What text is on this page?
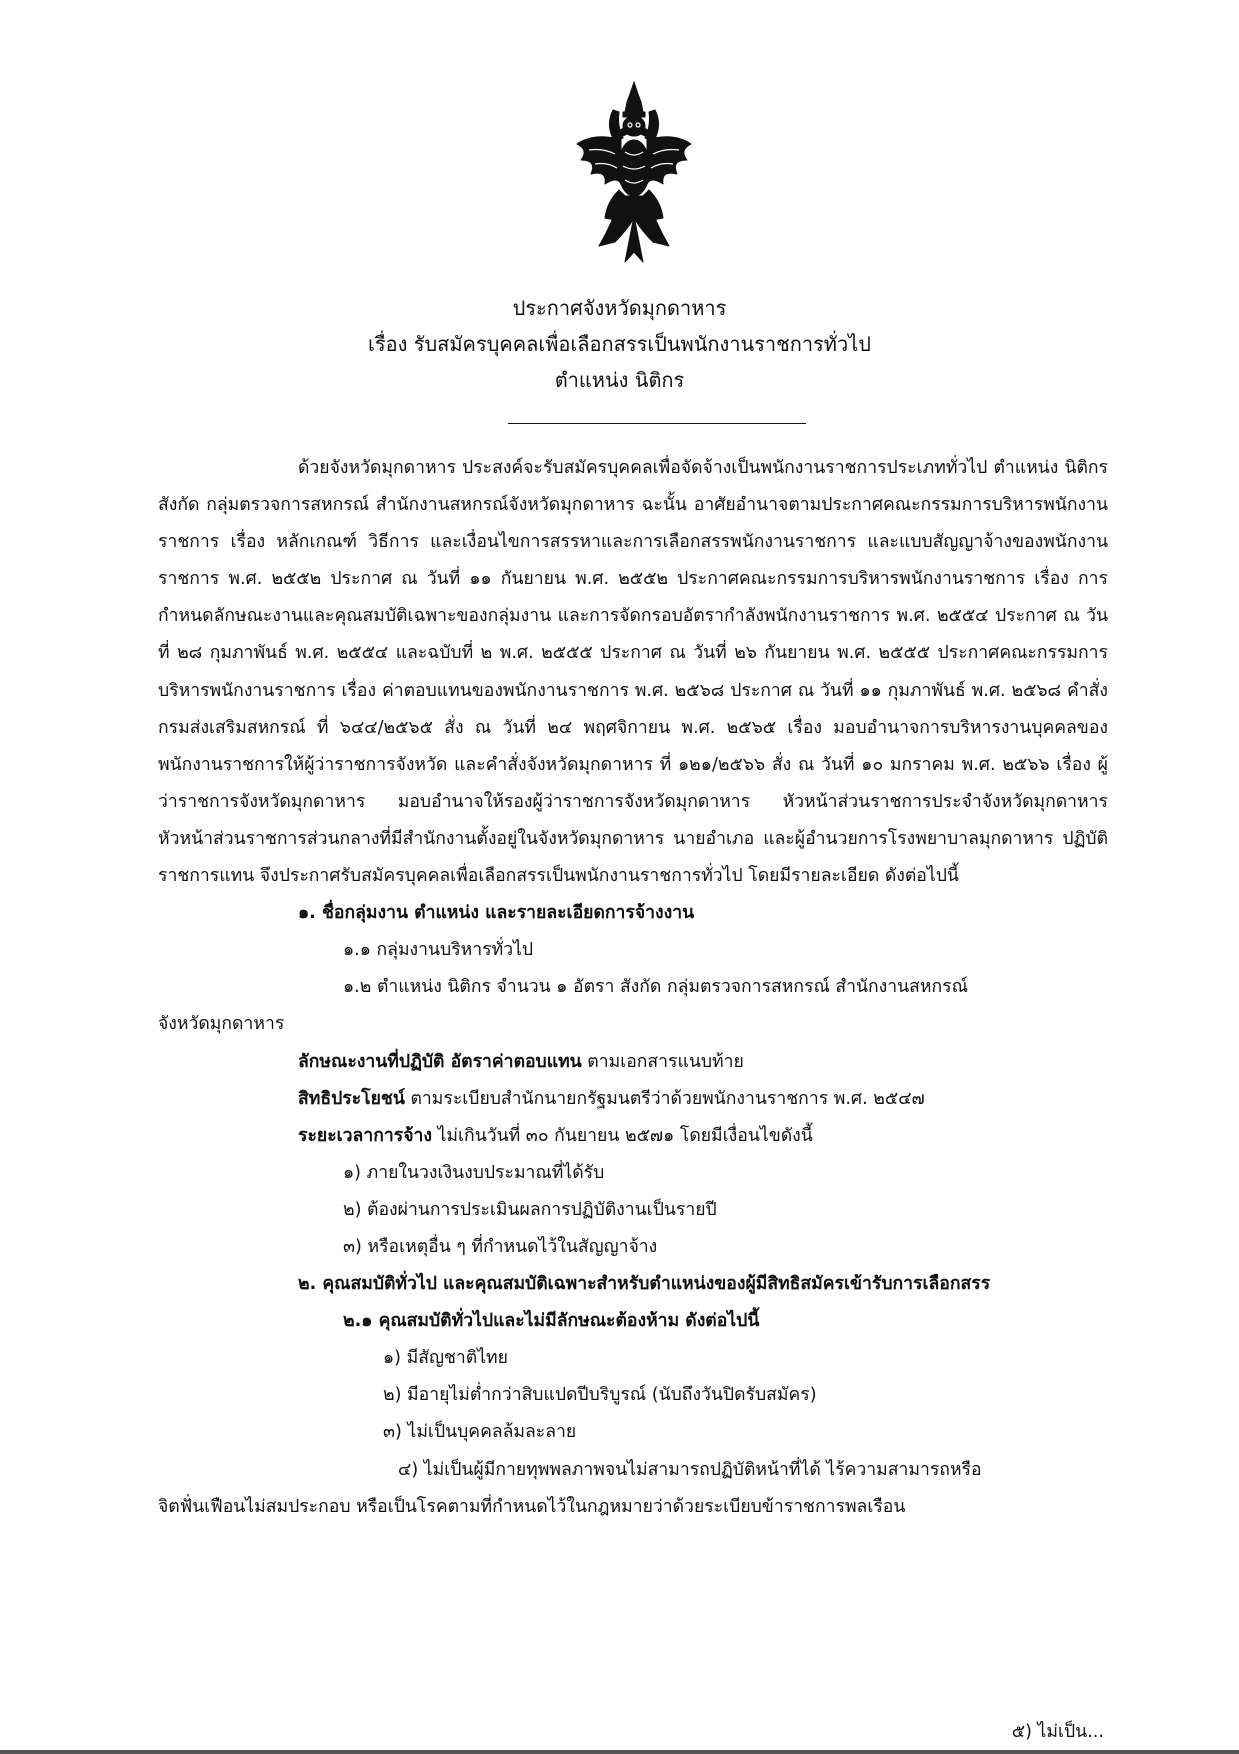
ประกาศจังหวัดมุกดาหาร
เรื่อง รับสมัครบุคคลเพื่อเลือกสรรเป็นพนักงานราชการทั่วไป
ตำแหน่ง นิติกร

ด้วยจังหวัดมุกดาหาร ประสงค์จะรับสมัครบุคคลเพื่อจัดจ้างเป็นพนักงานราชการประเภททั่วไป ตำแหน่ง นิติกร สังกัด กลุ่มตรวจการสหกรณ์ สำนักงานสหกรณ์จังหวัดมุกดาหาร ฉะนั้น อาศัยอำนาจตามประกาศคณะกรรมการบริหารพนักงานราชการ เรื่อง หลักเกณฑ์ วิธีการ และเงื่อนไขการสรรหาและการเลือกสรรพนักงานราชการ และแบบสัญญาจ้างของพนักงานราชการ พ.ศ. ๒๕๕๒ ประกาศ ณ วันที่ ๑๑ กันยายน พ.ศ. ๒๕๕๒ ประกาศคณะกรรมการบริหารพนักงานราชการ เรื่อง การกำหนดลักษณะงานและคุณสมบัติเฉพาะของกลุ่มงาน และการจัดกรอบอัตรากำลังพนักงานราชการ พ.ศ. ๒๕๕๔ ประกาศ ณ วันที่ ๒๘ กุมภาพันธ์ พ.ศ. ๒๕๕๔ และฉบับที่ ๒ พ.ศ. ๒๕๕๕ ประกาศ ณ วันที่ ๒๖ กันยายน พ.ศ. ๒๕๕๕ ประกาศคณะกรรมการบริหารพนักงานราชการ เรื่อง ค่าตอบแทนของพนักงานราชการ พ.ศ. ๒๕๖๘ ประกาศ ณ วันที่ ๑๑ กุมภาพันธ์ พ.ศ. ๒๕๖๘ คำสั่งกรมส่งเสริมสหกรณ์ ที่ ๖๔๔/๒๕๖๕ สั่ง ณ วันที่ ๒๔ พฤศจิกายน พ.ศ. ๒๕๖๕ เรื่อง มอบอำนาจการบริหารงานบุคคลของพนักงานราชการให้ผู้ว่าราชการจังหวัด และคำสั่งจังหวัดมุกดาหาร ที่ ๑๒๑/๒๕๖๖ สั่ง ณ วันที่ ๑๐ มกราคม พ.ศ. ๒๕๖๖ เรื่อง ผู้ว่าราชการจังหวัดมุกดาหาร มอบอำนาจให้รองผู้ว่าราชการจังหวัดมุกดาหาร หัวหน้าส่วนราชการประจำจังหวัดมุกดาหาร หัวหน้าส่วนราชการส่วนกลางที่มีสำนักงานตั้งอยู่ในจังหวัดมุกดาหาร นายอำเภอ และผู้อำนวยการโรงพยาบาลมุกดาหาร ปฏิบัติราชการแทน จึงประกาศรับสมัครบุคคลเพื่อเลือกสรรเป็นพนักงานราชการทั่วไป โดยมีรายละเอียด ดังต่อไปนี้

๑. ชื่อกลุ่มงาน ตำแหน่ง และรายละเอียดการจ้างงาน

๑.๑ กลุ่มงานบริหารทั่วไป

๑.๒ ตำแหน่ง นิติกร จำนวน ๑ อัตรา สังกัด กลุ่มตรวจการสหกรณ์ สำนักงานสหกรณ์

จังหวัดมุกดาหาร

ลักษณะงานที่ปฏิบัติ อัตราค่าตอบแทน ตามเอกสารแนบท้าย

สิทธิประโยชน์ ตามระเบียบสำนักนายกรัฐมนตรีว่าด้วยพนักงานราชการ พ.ศ. ๒๕๔๗

ระยะเวลาการจ้าง ไม่เกินวันที่ ๓๐ กันยายน ๒๕๗๑ โดยมีเงื่อนไขดังนี้

๑) ภายในวงเงินงบประมาณที่ได้รับ

๒) ต้องผ่านการประเมินผลการปฏิบัติงานเป็นรายปี

๓) หรือเหตุอื่น ๆ ที่กำหนดไว้ในสัญญาจ้าง

๒. คุณสมบัติทั่วไป และคุณสมบัติเฉพาะสำหรับตำแหน่งของผู้มีสิทธิสมัครเข้ารับการเลือกสรร

๒.๑ คุณสมบัติทั่วไปและไม่มีลักษณะต้องห้าม ดังต่อไปนี้

๑) มีสัญชาติไทย

๒) มีอายุไม่ต่ำกว่าสิบแปดปีบริบูรณ์ (นับถึงวันปิดรับสมัคร)

๓) ไม่เป็นบุคคลล้มละลาย

๔) ไม่เป็นผู้มีกายทุพพลภาพจนไม่สามารถปฏิบัติหน้าที่ได้ ไร้ความสามารถหรือ

จิตฟั่นเฟือนไม่สมประกอบ หรือเป็นโรคตามที่กำหนดไว้ในกฎหมายว่าด้วยระเบียบข้าราชการพลเรือน

๕) ไม่เป็น...
